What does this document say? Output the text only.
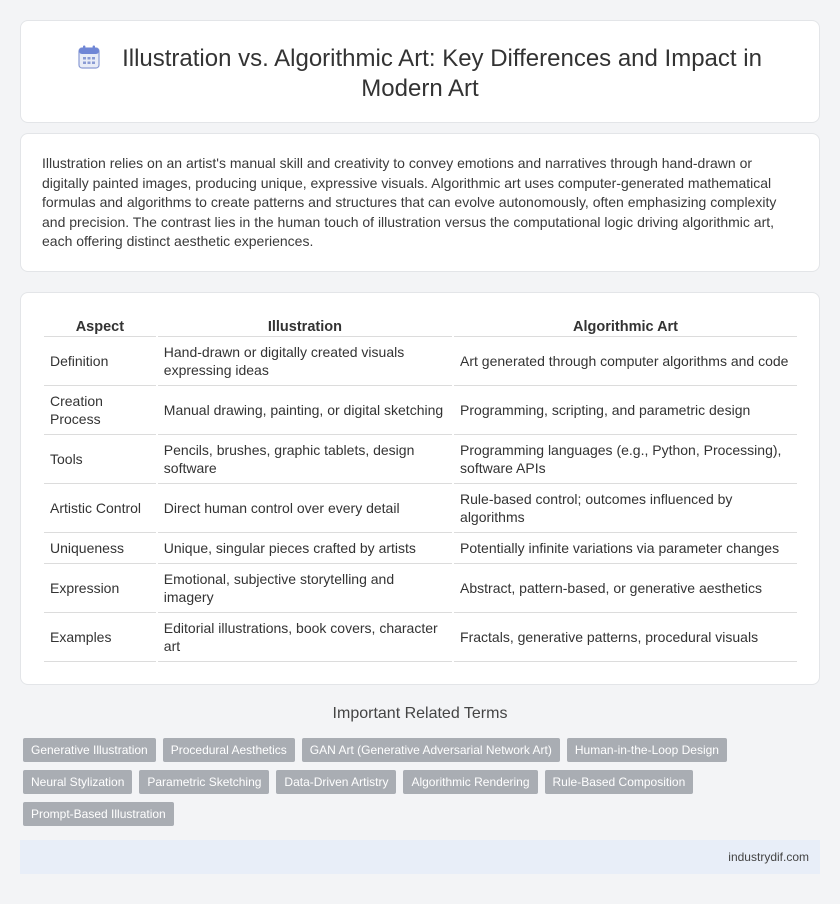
Illustration vs. Algorithmic Art: Key Differences and Impact in Modern Art

Illustration relies on an artist's manual skill and creativity to convey emotions and narratives through hand-drawn or digitally painted images, producing unique, expressive visuals. Algorithmic art uses computer-generated mathematical formulas and algorithms to create patterns and structures that can evolve autonomously, often emphasizing complexity and precision. The contrast lies in the human touch of illustration versus the computational logic driving algorithmic art, each offering distinct aesthetic experiences.

Aspect	Illustration	Algorithmic Art
Definition	Hand-drawn or digitally created visuals expressing ideas	Art generated through computer algorithms and code
Creation Process	Manual drawing, painting, or digital sketching	Programming, scripting, and parametric design
Tools	Pencils, brushes, graphic tablets, design software	Programming languages (e.g., Python, Processing), software APIs
Artistic Control	Direct human control over every detail	Rule-based control; outcomes influenced by algorithms
Uniqueness	Unique, singular pieces crafted by artists	Potentially infinite variations via parameter changes
Expression	Emotional, subjective storytelling and imagery	Abstract, pattern-based, or generative aesthetics
Examples	Editorial illustrations, book covers, character art	Fractals, generative patterns, procedural visuals
Important Related Terms
Generative Illustration	Procedural Aesthetics	GAN Art (Generative Adversarial Network Art)	Human-in-the-Loop Design
Neural Stylization	Parametric Sketching	Data-Driven Artistry	Algorithmic Rendering	Rule-Based Composition
Prompt-Based Illustration
industrydif.com
